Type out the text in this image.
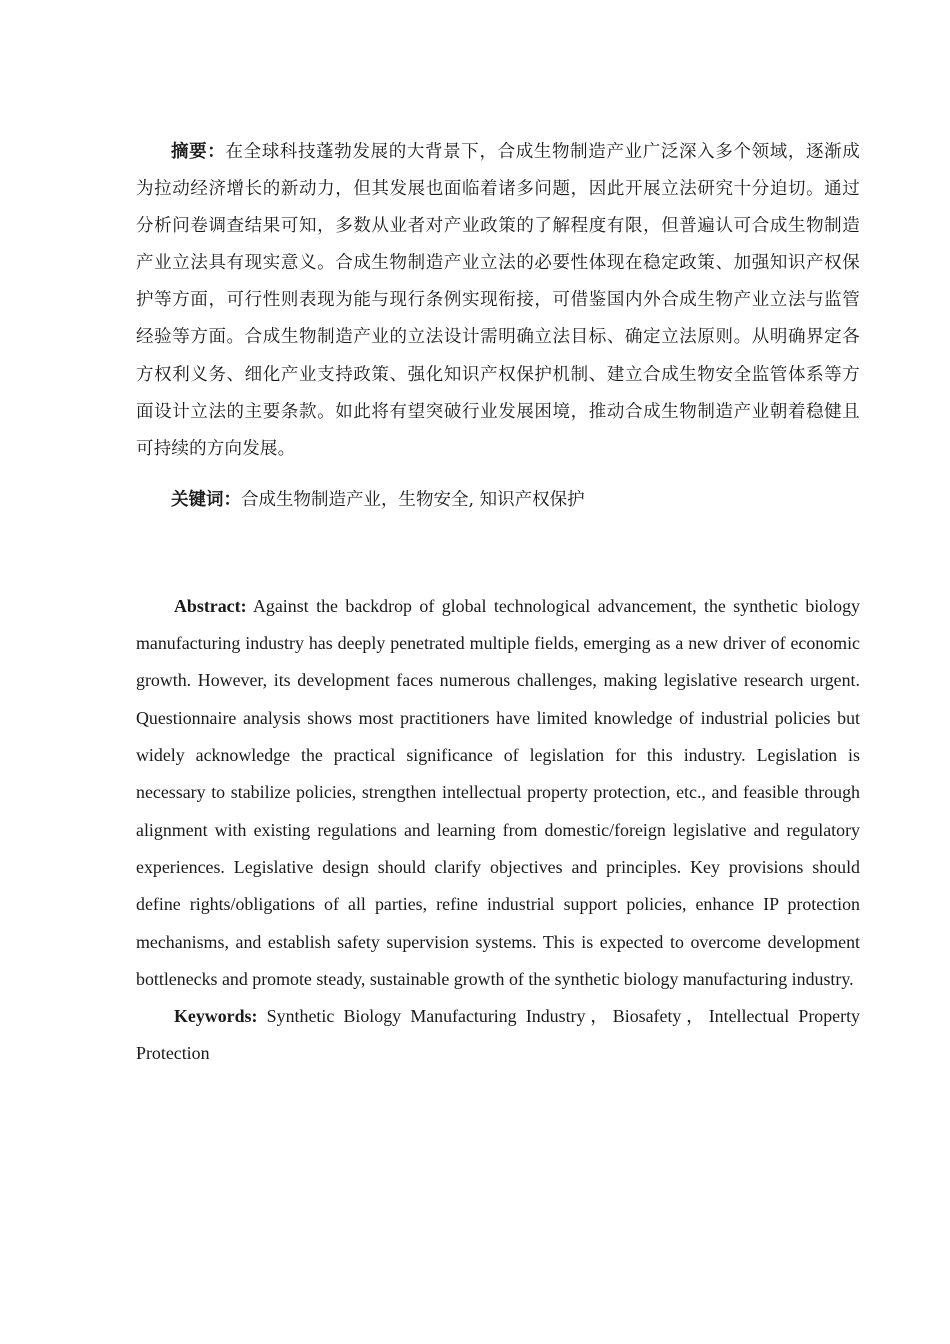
摘要：在全球科技蓬勃发展的大背景下，合成生物制造产业广泛深入多个领域，逐渐成为拉动经济增长的新动力，但其发展也面临着诸多问题，因此开展立法研究十分迫切。通过分析问卷调查结果可知，多数从业者对产业政策的了解程度有限，但普遍认可合成生物制造产业立法具有现实意义。合成生物制造产业立法的必要性体现在稳定政策、加强知识产权保护等方面，可行性则表现为能与现行条例实现衔接，可借鉴国内外合成生物产业立法与监管经验等方面。合成生物制造产业的立法设计需明确立法目标、确定立法原则。从明确界定各方权利义务、细化产业支持政策、强化知识产权保护机制、建立合成生物安全监管体系等方面设计立法的主要条款。如此将有望突破行业发展困境，推动合成生物制造产业朝着稳健且可持续的方向发展。

关键词：合成生物制造产业，生物安全, 知识产权保护

Abstract: Against the backdrop of global technological advancement, the synthetic biology manufacturing industry has deeply penetrated multiple fields, emerging as a new driver of economic growth. However, its development faces numerous challenges, making legislative research urgent. Questionnaire analysis shows most practitioners have limited knowledge of industrial policies but widely acknowledge the practical significance of legislation for this industry. Legislation is necessary to stabilize policies, strengthen intellectual property protection, etc., and feasible through alignment with existing regulations and learning from domestic/foreign legislative and regulatory experiences. Legislative design should clarify objectives and principles. Key provisions should define rights/obligations of all parties, refine industrial support policies, enhance IP protection mechanisms, and establish safety supervision systems. This is expected to overcome development bottlenecks and promote steady, sustainable growth of the synthetic biology manufacturing industry.

Keywords: Synthetic Biology Manufacturing Industry，Biosafety，Intellectual Property Protection
